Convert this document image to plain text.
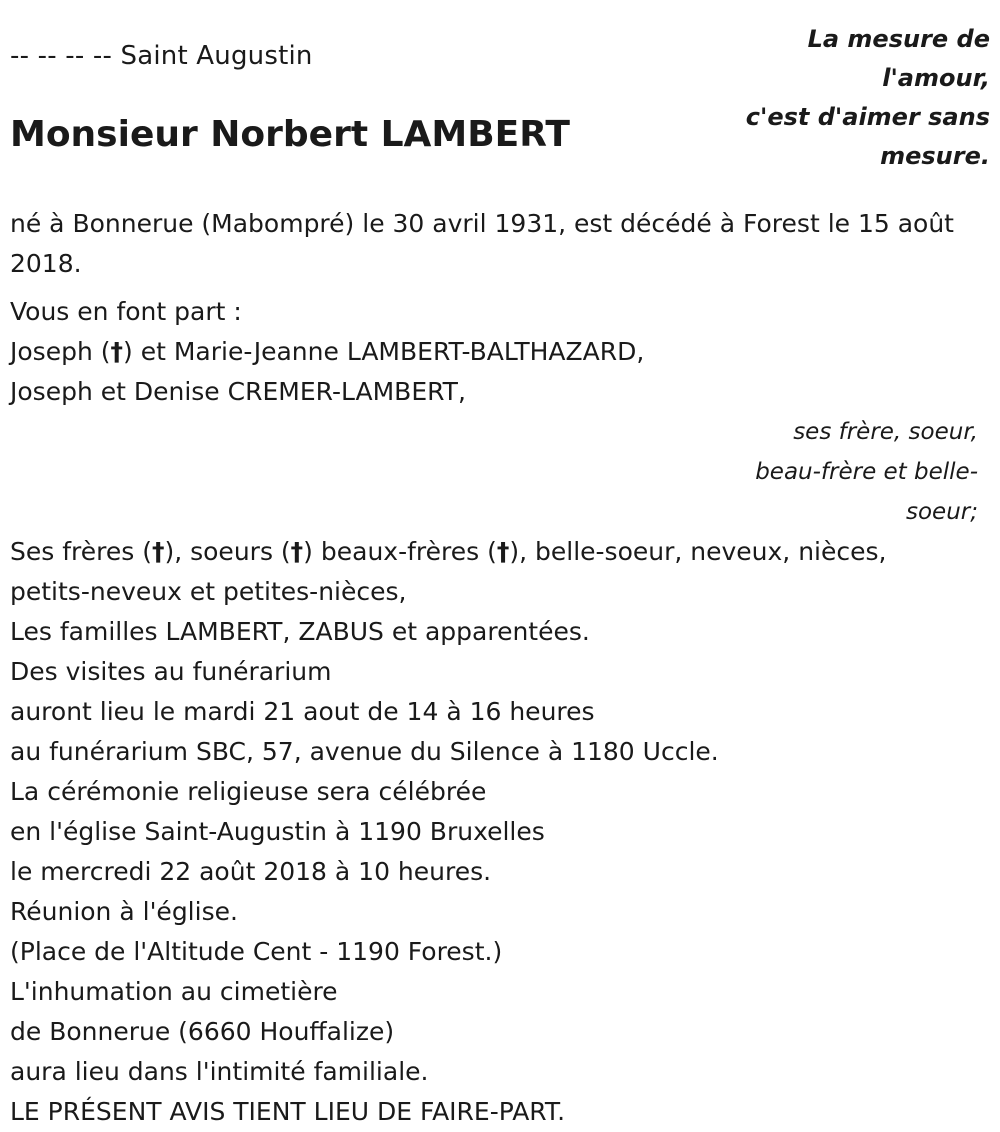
-- -- -- -- Saint Augustin
Monsieur Norbert LAMBERT
La mesure de
l'amour,
c'est d'aimer sans
mesure.
né à Bonnerue (Mabompré) le 30 avril 1931, est décédé à Forest le 15 août 2018.
Vous en font part :
Joseph (†) et Marie-Jeanne LAMBERT-BALTHAZARD,
Joseph et Denise CREMER-LAMBERT,
ses frère, soeur,
beau-frère et belle-
soeur;
Ses frères (†), soeurs (†) beaux-frères (†), belle-soeur, neveux, nièces,
petits-neveux et petites-nièces,
Les familles LAMBERT, ZABUS et apparentées.
Des visites au funérarium
auront lieu le mardi 21 aout de 14 à 16 heures
au funérarium SBC, 57, avenue du Silence à 1180 Uccle.
La cérémonie religieuse sera célébrée
en l'église Saint-Augustin à 1190 Bruxelles
le mercredi 22 août 2018 à 10 heures.
Réunion à l'église.
(Place de l'Altitude Cent - 1190 Forest.)
L'inhumation au cimetière
de Bonnerue (6660 Houffalize)
aura lieu dans l'intimité familiale.
LE PRÉSENT AVIS TIENT LIEU DE FAIRE-PART.
